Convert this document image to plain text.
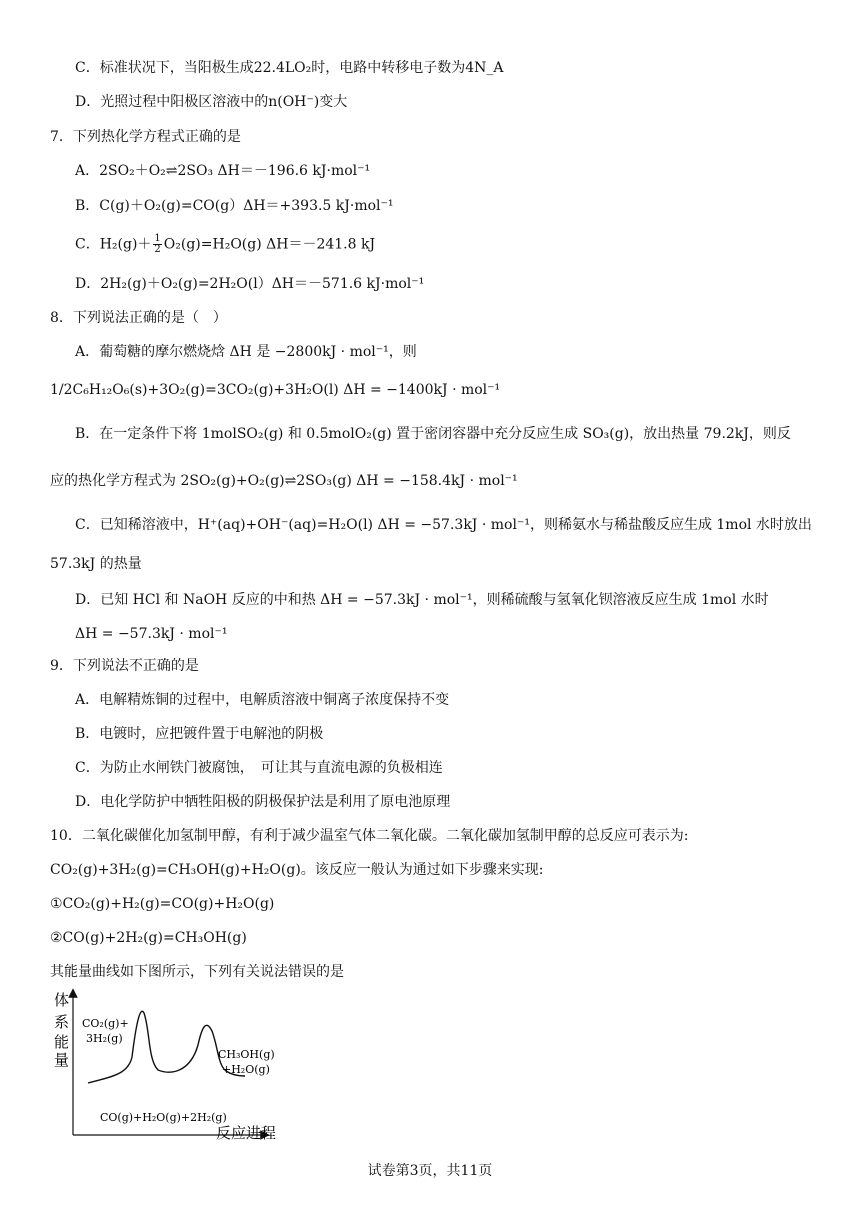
C．标准状况下，当阳极生成22.4LO₂时，电路中转移电子数为4N_A
D．光照过程中阳极区溶液中的n(OH⁻)变大
7．下列热化学方程式正确的是
A．2SO₂＋O₂⇌2SO₃ ΔH＝－196.6 kJ·mol⁻¹
B．C(g)＋O₂(g)=CO(g）ΔH＝+393.5 kJ·mol⁻¹
C．$H_2(g)+ \frac{1}{2} O_2(g)=H_2O(g)$ ΔH＝－241.8 kJ
D．2H₂(g)＋O₂(g)=2H₂O(l）ΔH＝－571.6 kJ·mol⁻¹
8．下列说法正确的是（　）
A．葡萄糖的摩尔燃烧焓 ΔH 是 −2800kJ · mol⁻¹，则
1/2C₆H₁₂O₆(s)+3O₂(g)=3CO₂(g)+3H₂O(l) ΔH = −1400kJ · mol⁻¹
B．在一定条件下将 1molSO₂(g) 和 0.5molO₂(g) 置于密闭容器中充分反应生成 SO₃(g)，放出热量 79.2kJ，则反
应的热化学方程式为 2SO₂(g)+O₂(g)⇌2SO₃(g) ΔH = −158.4kJ · mol⁻¹
C．已知稀溶液中，H⁺(aq)+OH⁻(aq)=H₂O(l) ΔH = −57.3kJ · mol⁻¹，则稀氨水与稀盐酸反应生成 1mol 水时放出
57.3kJ 的热量
D．已知 HCl 和 NaOH 反应的中和热 ΔH = −57.3kJ · mol⁻¹，则稀硫酸与氢氧化钡溶液反应生成 1mol 水时
ΔH = −57.3kJ · mol⁻¹
9．下列说法不正确的是
A．电解精炼铜的过程中，电解质溶液中铜离子浓度保持不变
B．电镀时，应把镀件置于电解池的阴极
C．为防止水闸铁门被腐蚀，　可让其与直流电源的负极相连
D．电化学防护中牺牲阳极的阴极保护法是利用了原电池原理
10．二氧化碳催化加氢制甲醇，有利于减少温室气体二氧化碳。二氧化碳加氢制甲醇的总反应可表示为:
CO₂(g)+3H₂(g)=CH₃OH(g)+H₂O(g)。该反应一般认为通过如下步骤来实现:
①CO₂(g)+H₂(g)=CO(g)+H₂O(g)
②CO(g)+2H₂(g)=CH₃OH(g)
其能量曲线如下图所示，下列有关说法错误的是
体
系
能
量
反应进程
CO₂(g)+
3H₂(g)
CH₃OH(g)
+H₂O(g)
CO(g)+H₂O(g)+2H₂(g)
试卷第3页，共11页
